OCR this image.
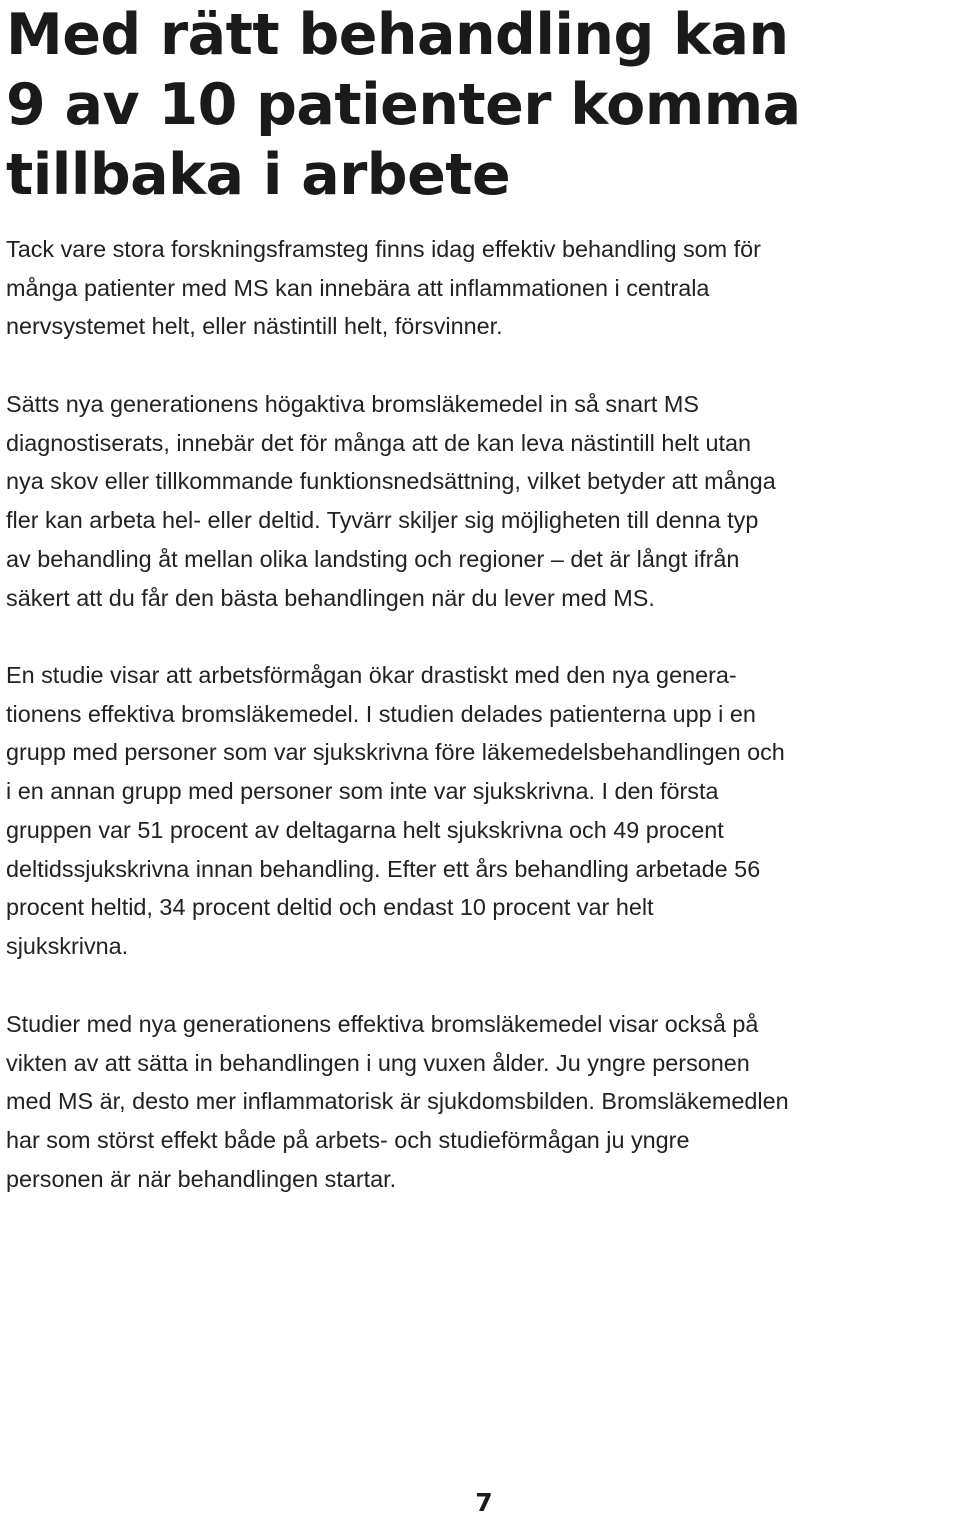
Med rätt behandling kan
9 av 10 patienter komma
tillbaka i arbete

Tack vare stora forskningsframsteg finns idag effektiv behandling som för
många patienter med MS kan innebära att inflammationen i centrala
nervsystemet helt, eller nästintill helt, försvinner.

Sätts nya generationens högaktiva bromsläkemedel in så snart MS
diagnostiserats, innebär det för många att de kan leva nästintill helt utan
nya skov eller tillkommande funktionsnedsättning, vilket betyder att många
fler kan arbeta hel- eller deltid. Tyvärr skiljer sig möjligheten till denna typ
av behandling åt mellan olika landsting och regioner – det är långt ifrån
säkert att du får den bästa behandlingen när du lever med MS.

En studie visar att arbetsförmågan ökar drastiskt med den nya genera-
tionens effektiva bromsläkemedel. I studien delades patienterna upp i en
grupp med personer som var sjukskrivna före läkemedelsbehandlingen och
i en annan grupp med personer som inte var sjukskrivna. I den första
gruppen var 51 procent av deltagarna helt sjukskrivna och 49 procent
deltidssjukskrivna innan behandling. Efter ett års behandling arbetade 56
procent heltid, 34 procent deltid och endast 10 procent var helt
sjukskrivna.

Studier med nya generationens effektiva bromsläkemedel visar också på
vikten av att sätta in behandlingen i ung vuxen ålder. Ju yngre personen
med MS är, desto mer inflammatorisk är sjukdomsbilden. Bromsläkemedlen
har som störst effekt både på arbets- och studieförmågan ju yngre
personen är när behandlingen startar.

7
